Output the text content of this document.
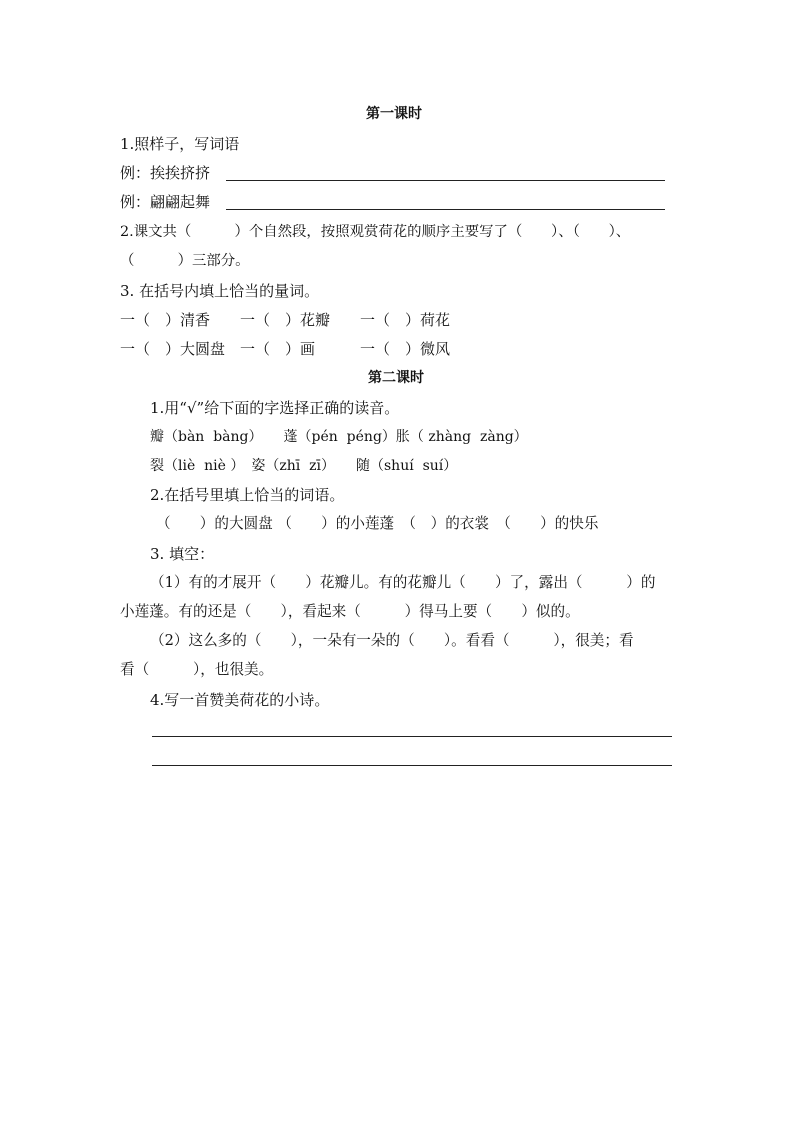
第一课时
1.照样子，写词语
例：挨挨挤挤
例：翩翩起舞
2.课文共（　　　）个自然段，按照观赏荷花的顺序主要写了（　　）、（　　）、
（　　　）三部分。
3. 在括号内填上恰当的量词。
一（　）清香　　一（　）花瓣　　一（　）荷花
一（　）大圆盘　一（　）画　　　一（　）微风
第二课时
1.用“√”给下面的字选择正确的读音。
瓣（bàn  bàng）　　蓬（pén  péng）胀（ zhàng  zàng）
裂（liè  niè ）　姿（zhī  zī）　　随（shuí  suí）
2.在括号里填上恰当的词语。
（　　）的大圆盘 （　　）的小莲蓬　（　）的衣裳　（　　）的快乐
3. 填空：
（1）有的才展开（　　）花瓣儿。有的花瓣儿（　　）了，露出（　　　）的
小莲蓬。有的还是（　　），看起来（　　　）得马上要（　　）似的。
（2）这么多的（　　），一朵有一朵的（　　）。看看（　　　），很美；看
看（　　　），也很美。
4.写一首赞美荷花的小诗。
